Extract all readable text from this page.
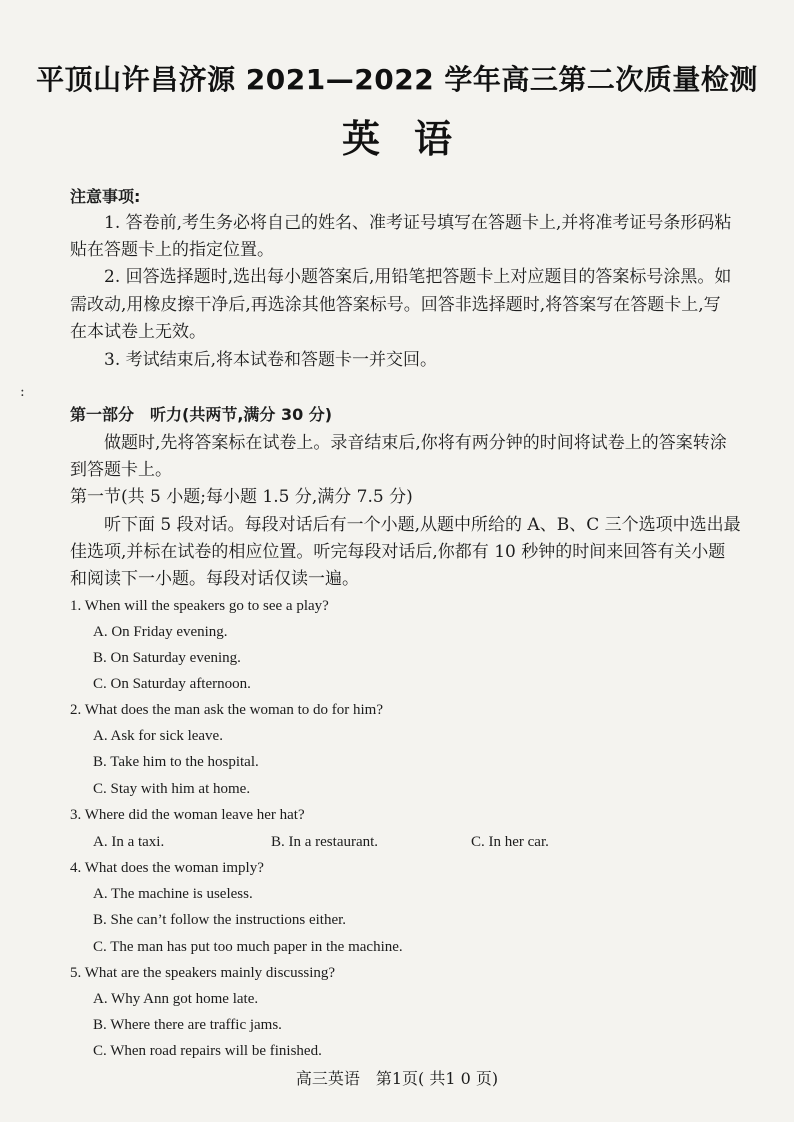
:
平顶山许昌济源 2021—2022 学年高三第二次质量检测
英语
注意事项:
1. 答卷前,考生务必将自己的姓名、准考证号填写在答题卡上,并将准考证号条形码粘
贴在答题卡上的指定位置。
2. 回答选择题时,选出每小题答案后,用铅笔把答题卡上对应题目的答案标号涂黑。如
需改动,用橡皮擦干净后,再选涂其他答案标号。回答非选择题时,将答案写在答题卡上,写
在本试卷上无效。
3. 考试结束后,将本试卷和答题卡一并交回。
第一部分　听力(共两节,满分 30 分)
做题时,先将答案标在试卷上。录音结束后,你将有两分钟的时间将试卷上的答案转涂
到答题卡上。
第一节(共 5 小题;每小题 1.5 分,满分 7.5 分)
听下面 5 段对话。每段对话后有一个小题,从题中所给的 A、B、C 三个选项中选出最
佳选项,并标在试卷的相应位置。听完每段对话后,你都有 10 秒钟的时间来回答有关小题
和阅读下一小题。每段对话仅读一遍。
1. When will the speakers go to see a play?
A. On Friday evening.
B. On Saturday evening.
C. On Saturday afternoon.
2. What does the man ask the woman to do for him?
A. Ask for sick leave.
B. Take him to the hospital.
C. Stay with him at home.
3. Where did the woman leave her hat?
A. In a taxi.	B. In a restaurant.	C. In her car.
4. What does the woman imply?
A. The machine is useless.
B. She can’t follow the instructions either.
C. The man has put too much paper in the machine.
5. What are the speakers mainly discussing?
A. Why Ann got home late.
B. Where there are traffic jams.
C. When road repairs will be finished.
高三英语　第1页( 共1 0 页)
